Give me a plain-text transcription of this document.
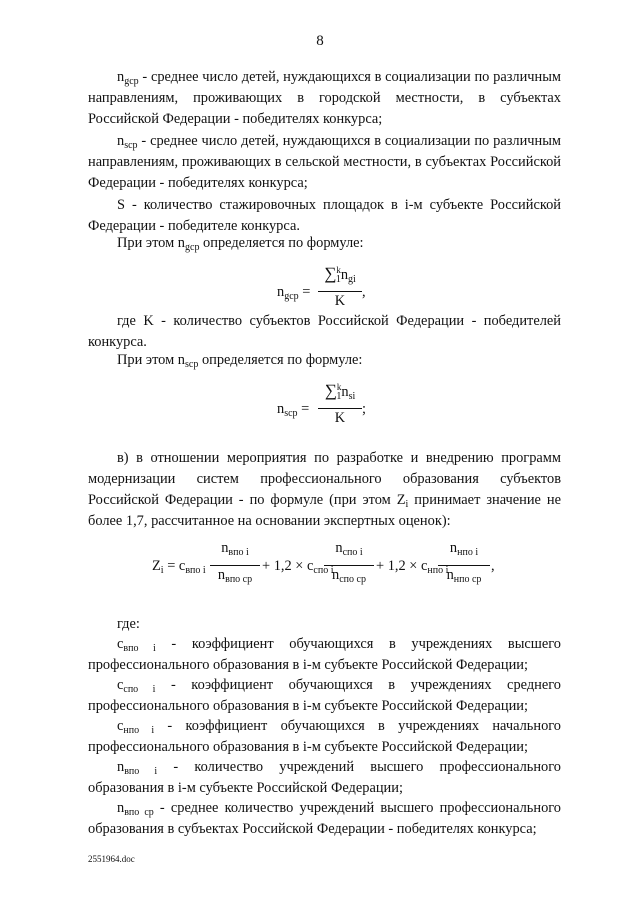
8

$n_{gср}$ - среднее число детей, нуждающихся в социализации по различным направлениям, проживающих в городской местности, в субъектах Российской Федерации - победителях конкурса;

$n_{sср}$ - среднее число детей, нуждающихся в социализации по различным направлениям, проживающих в сельской местности, в субъектах Российской Федерации - победителях конкурса;

S - количество стажировочных площадок в i-м субъекте Российской Федерации - победителе конкурса.

При этом $n_{gср}$ определяется по формуле:

$n_{gср}$ =
$\sum^k_1n_{gi}$
K
,

где K - количество субъектов Российской Федерации - победителей конкурса.

При этом $n_{sср}$ определяется по формуле:

$n_{sср}$ =
$\sum^k_1n_{si}$
K
;

в) в отношении мероприятия по разработке и внедрению программ модернизации систем профессионального образования субъектов Российской Федерации - по формуле (при этом $Z_i$ принимает значение не более 1,7, рассчитанное на основании экспертных оценок):

$Z_i = c_{впо i}$
$n_{впо i}$
$n_{впо ср}$
+ $1,2 \times c_{спо i}$
$n_{спо i}$
$n_{спо ср}$
+ $1,2 \times c_{нпо i}$
$n_{нпо i}$
$n_{нпо ср}$
,

где:

$c_{впо i}$ - коэффициент обучающихся в учреждениях высшего профессионального образования в i-м субъекте Российской Федерации;

$c_{спо i}$ - коэффициент обучающихся в учреждениях среднего профессионального образования в i-м субъекте Российской Федерации;

$c_{нпо i}$ - коэффициент обучающихся в учреждениях начального профессионального образования в i-м субъекте Российской Федерации;

$n_{впо i}$ - количество учреждений высшего профессионального образования в i-м субъекте Российской Федерации;

$n_{впо ср}$ - среднее количество учреждений высшего профессионального образования в субъектах Российской Федерации - победителях конкурса;

2551964.doc
